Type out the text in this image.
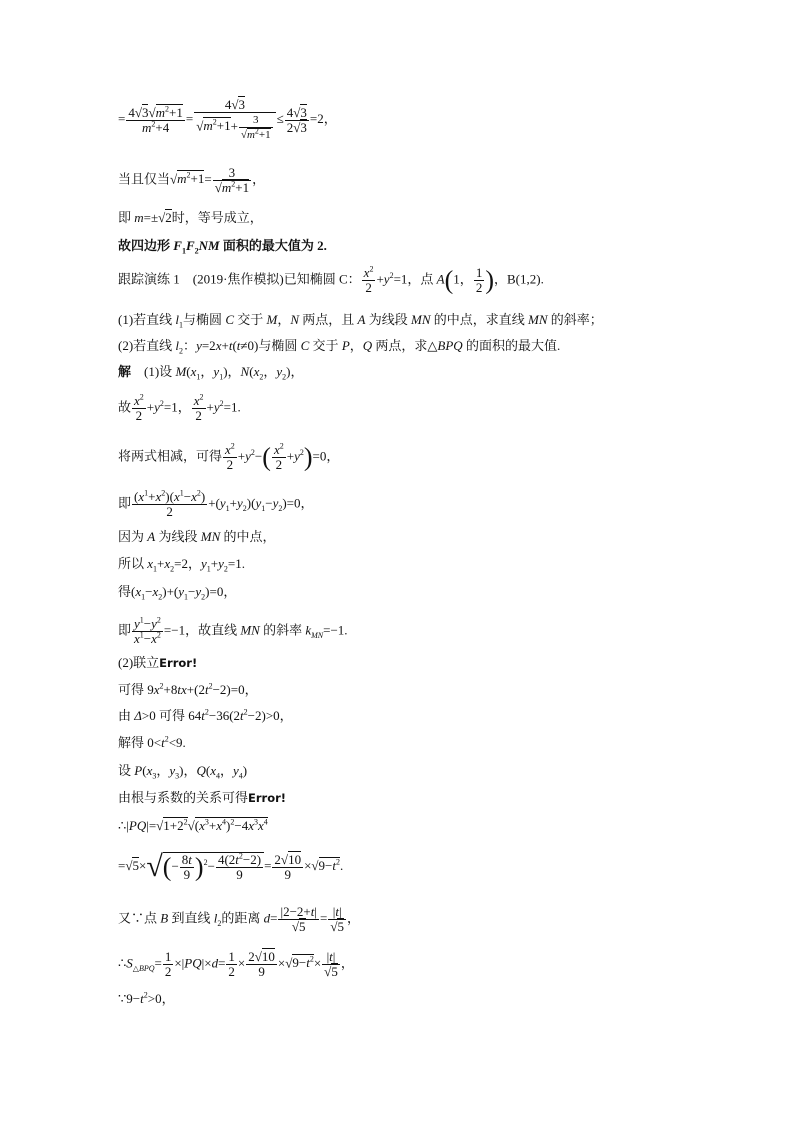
= $\frac{4√3√m^2+1}{m^2+4} = \frac{4√3}{√m^2+1+ \frac{3}{√m^2+1}} \le \frac{4√3}{2√3} =2$，
当且仅当$√m^2+1= \frac{3}{√m^2+1}$ ，
即 m=±√2时，等号成立，
故四边形 $F_1F_2NM$ 面积的最大值为 2.
跟踪演练 1　(2019·焦作模拟)已知椭圆 C： $\frac{x^2}{2} +y^2=1$，点 A(1， $\frac{1}{2}$ )，B(1,2).
(1)若直线 $l_1$与椭圆 C 交于 M，N 两点，且 A 为线段 MN 的中点，求直线 MN 的斜率；
(2)若直线 $l_2$：y=2x+t(t≠0)与椭圆 C 交于 P，Q 两点，求△BPQ 的面积的最大值.
解　(1)设 $M(x_1$，$y_1$)，$N(x_2$，$y_2$)，
故 $\frac{x^2}{2} +y^2=1$， $\frac{x^2}{2} +y^2=1$.
将两式相减，可得 $\frac{x^2}{2} +y^2-( \frac{x^2}{2} +y^2)=0$，
即 $\frac{(x^1+x^2)(x^1-x^2)}{2} +(y_1+y_2)(y_1-y_2)=0$，
因为 A 为线段 MN 的中点，
所以 $x_1+x_2=2$，$y_1+y_2=1$.
得$(x_1-x_2)+(y_1-y_2)=0$，
即 $\frac{y^1-y^2}{x^1-x^2} =-1$，故直线 MN 的斜率 $k_{MN}=-1$.
(2)联立Error!
可得 $9x^2+8tx+(2t^2-2)=0$，
由 Δ>0 可得 $64t^2-36(2t^2-2)>0$，
解得 $0<t^2<9$.
设 $P(x_3$，$y_3$)，$Q(x_4$，$y_4$)
由根与系数的关系可得Error!
$\therefore|PQ|=√1+2^2√(x^3+x^4)^2-4x^3x^4$
$=√5\times√(- \frac{8t}{9} )^2- \frac{4(2t^2-2)}{9} = \frac{2√10}{9} \times√9-t^2$.
又∵点 B 到直线 $l_2$的距离 $d= \frac{|2-2+t|}{√5} = \frac{|t|}{√5}$ ，
$\therefore S_{\triangle BPQ}= \frac{1}{2} \times|PQ|\times d= \frac{1}{2} \times \frac{2√10}{9} \times√9-t^2\times \frac{|t|}{√5}$ ，
$\because 9-t^2>0$，
